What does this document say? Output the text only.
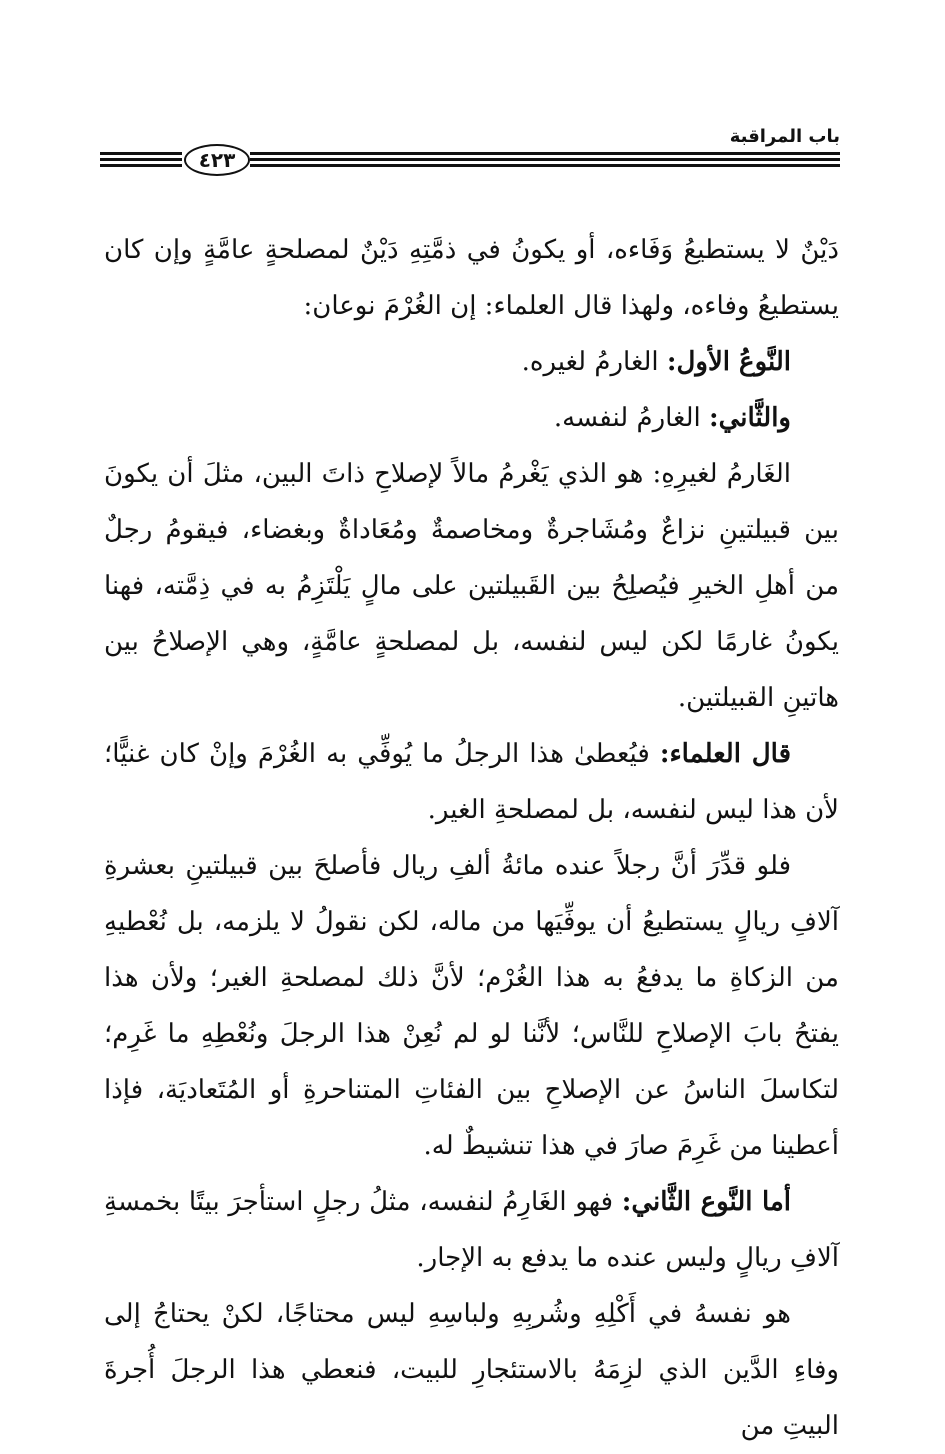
باب المراقبة
٤٢٣

دَيْنٌ لا يستطيعُ وَفَاءه، أو يكونُ في ذمَّتِهِ دَيْنٌ لمصلحةٍ عامَّةٍ وإن كان يستطيعُ وفاءه، ولهذا قال العلماء: إن الغُرْمَ نوعان:

النَّوعُ الأول: الغارمُ لغيره.

والثَّاني: الغارمُ لنفسه.

الغَارمُ لغيرِهِ: هو الذي يَغْرمُ مالاً لإصلاحِ ذاتَ البين، مثلَ أن يكونَ بين قبيلتينِ نزاعٌ ومُشَاجرةٌ ومخاصمةٌ ومُعَاداةٌ وبغضاء، فيقومُ رجلٌ من أهلِ الخيرِ فيُصلِحُ بين القَبيلتين على مالٍ يَلْتَزِمُ به في ذِمَّته، فهنا يكونُ غارمًا لكن ليس لنفسه، بل لمصلحةٍ عامَّةٍ، وهي الإصلاحُ بين هاتينِ القبيلتين.

قال العلماء: فيُعطىٰ هذا الرجلُ ما يُوفِّي به الغُرْمَ وإنْ كان غنيًّا؛ لأن هذا ليس لنفسه، بل لمصلحةِ الغير.

فلو قدِّرَ أنَّ رجلاً عنده مائةُ ألفِ ريال فأصلحَ بين قبيلتينِ بعشرةِ آلافِ ريالٍ يستطيعُ أن يوفِّيَها من ماله، لكن نقولُ لا يلزمه، بل نُعْطيهِ من الزكاةِ ما يدفعُ به هذا الغُرْم؛ لأنَّ ذلك لمصلحةِ الغير؛ ولأن هذا يفتحُ بابَ الإصلاحِ للنَّاس؛ لأنَّنا لو لم نُعِنْ هذا الرجلَ ونُعْطِهِ ما غَرِم؛ لتكاسلَ الناسُ عن الإصلاحِ بين الفئاتِ المتناحرةِ أو المُتَعاديَة، فإذا أعطينا من غَرِمَ صارَ في هذا تنشيطٌ له.

أما النَّوع الثَّاني: فهو الغَارِمُ لنفسه، مثلُ رجلٍ استأجرَ بيتًا بخمسةِ آلافِ ريالٍ وليس عنده ما يدفع به الإجار.

هو نفسهُ في أَكْلِهِ وشُربِهِ ولباسِهِ ليس محتاجًا، لكنْ يحتاجُ إلى وفاءِ الدَّين الذي لزِمَهُ بالاستئجارِ للبيت، فنعطي هذا الرجلَ أُجرةَ البيتِ من
